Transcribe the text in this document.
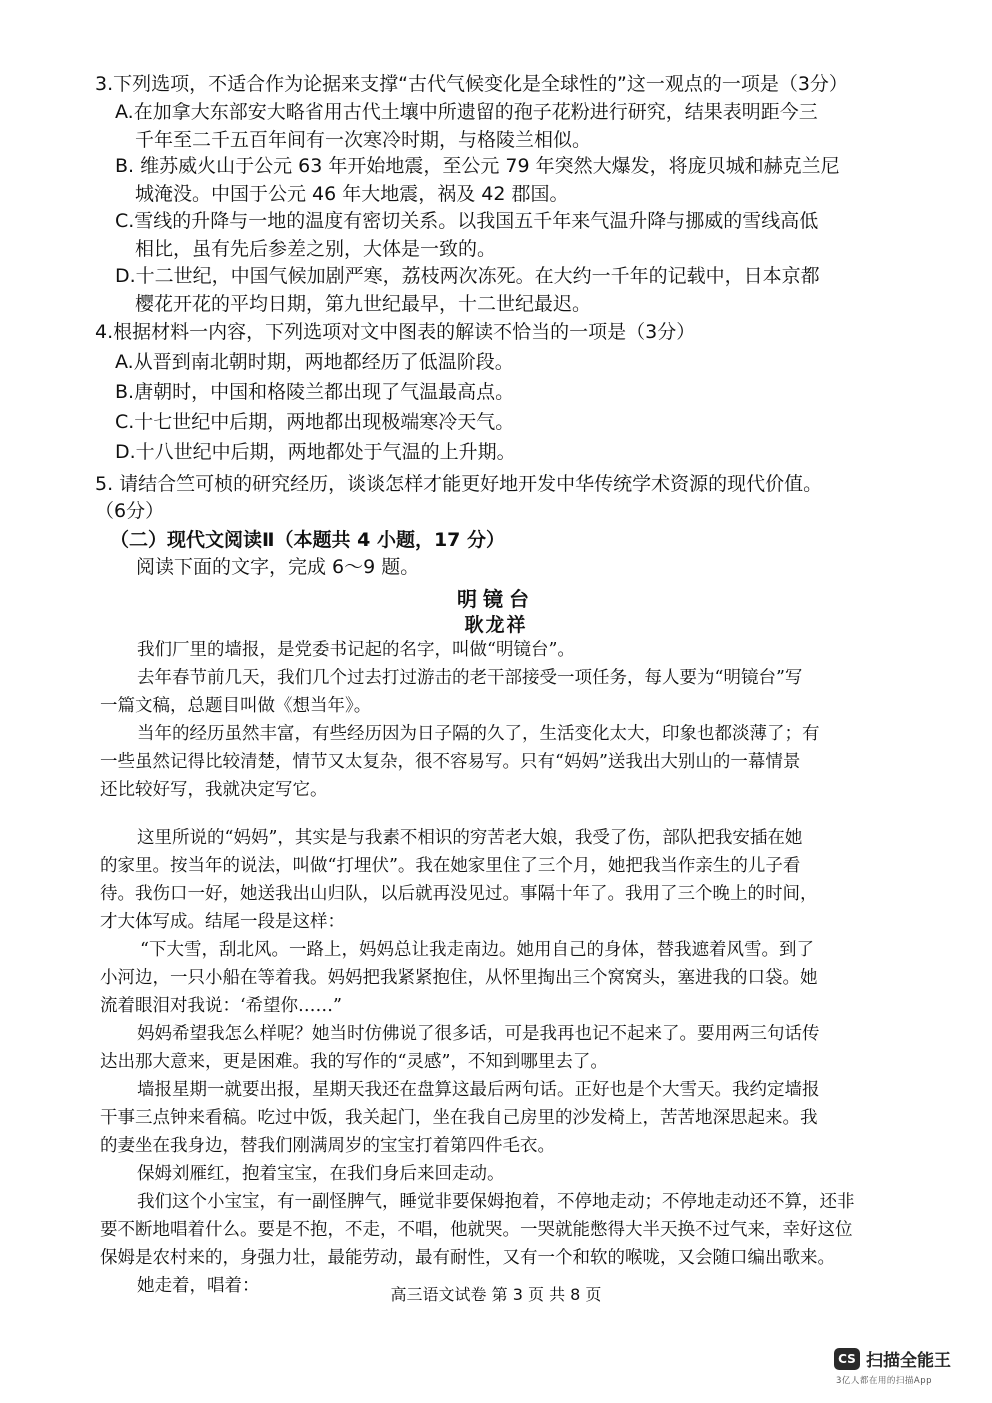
3.下列选项，不适合作为论据来支撑“古代气候变化是全球性的”这一观点的一项是（3分）
A.在加拿大东部安大略省用古代土壤中所遗留的孢子花粉进行研究，结果表明距今三
千年至二千五百年间有一次寒冷时期，与格陵兰相似。
B. 维苏威火山于公元 63 年开始地震，至公元 79 年突然大爆发，将庞贝城和赫克兰尼
城淹没。中国于公元 46 年大地震，祸及 42 郡国。
C.雪线的升降与一地的温度有密切关系。以我国五千年来气温升降与挪威的雪线高低
相比，虽有先后参差之别，大体是一致的。
D.十二世纪，中国气候加剧严寒，荔枝两次冻死。在大约一千年的记载中，日本京都
樱花开花的平均日期，第九世纪最早，十二世纪最迟。
4.根据材料一内容，下列选项对文中图表的解读不恰当的一项是（3分）
A.从晋到南北朝时期，两地都经历了低温阶段。
B.唐朝时，中国和格陵兰都出现了气温最高点。
C.十七世纪中后期，两地都出现极端寒冷天气。
D.十八世纪中后期，两地都处于气温的上升期。
5. 请结合竺可桢的研究经历，谈谈怎样才能更好地开发中华传统学术资源的现代价值。
（6分）
（二）现代文阅读Ⅱ（本题共 4 小题，17 分）
阅读下面的文字，完成 6～9 题。
明镜台
耿龙祥
我们厂里的墙报，是党委书记起的名字，叫做“明镜台”。
去年春节前几天，我们几个过去打过游击的老干部接受一项任务，每人要为“明镜台”写
一篇文稿，总题目叫做《想当年》。
当年的经历虽然丰富，有些经历因为日子隔的久了，生活变化太大，印象也都淡薄了；有
一些虽然记得比较清楚，情节又太复杂，很不容易写。只有“妈妈”送我出大别山的一幕情景
还比较好写，我就决定写它。
这里所说的“妈妈”，其实是与我素不相识的穷苦老大娘，我受了伤，部队把我安插在她
的家里。按当年的说法，叫做“打埋伏”。我在她家里住了三个月，她把我当作亲生的儿子看
待。我伤口一好，她送我出山归队，以后就再没见过。事隔十年了。我用了三个晚上的时间，
才大体写成。结尾一段是这样：
“下大雪，刮北风。一路上，妈妈总让我走南边。她用自己的身体，替我遮着风雪。到了
小河边，一只小船在等着我。妈妈把我紧紧抱住，从怀里掏出三个窝窝头，塞进我的口袋。她
流着眼泪对我说：‘希望你……”
妈妈希望我怎么样呢？她当时仿佛说了很多话，可是我再也记不起来了。要用两三句话传
达出那大意来，更是困难。我的写作的“灵感”，不知到哪里去了。
墙报星期一就要出报，星期天我还在盘算这最后两句话。正好也是个大雪天。我约定墙报
干事三点钟来看稿。吃过中饭，我关起门，坐在我自己房里的沙发椅上，苦苦地深思起来。我
的妻坐在我身边，替我们刚满周岁的宝宝打着第四件毛衣。
保姆刘雁红，抱着宝宝，在我们身后来回走动。
我们这个小宝宝，有一副怪脾气，睡觉非要保姆抱着，不停地走动；不停地走动还不算，还非
要不断地唱着什么。要是不抱，不走，不唱，他就哭。一哭就能憋得大半天换不过气来，幸好这位
保姆是农村来的，身强力壮，最能劳动，最有耐性，又有一个和软的喉咙，又会随口编出歌来。
她走着，唱着：	高三语文试卷 第 3 页 共 8 页
CS 扫描全能王
3亿人都在用的扫描App
